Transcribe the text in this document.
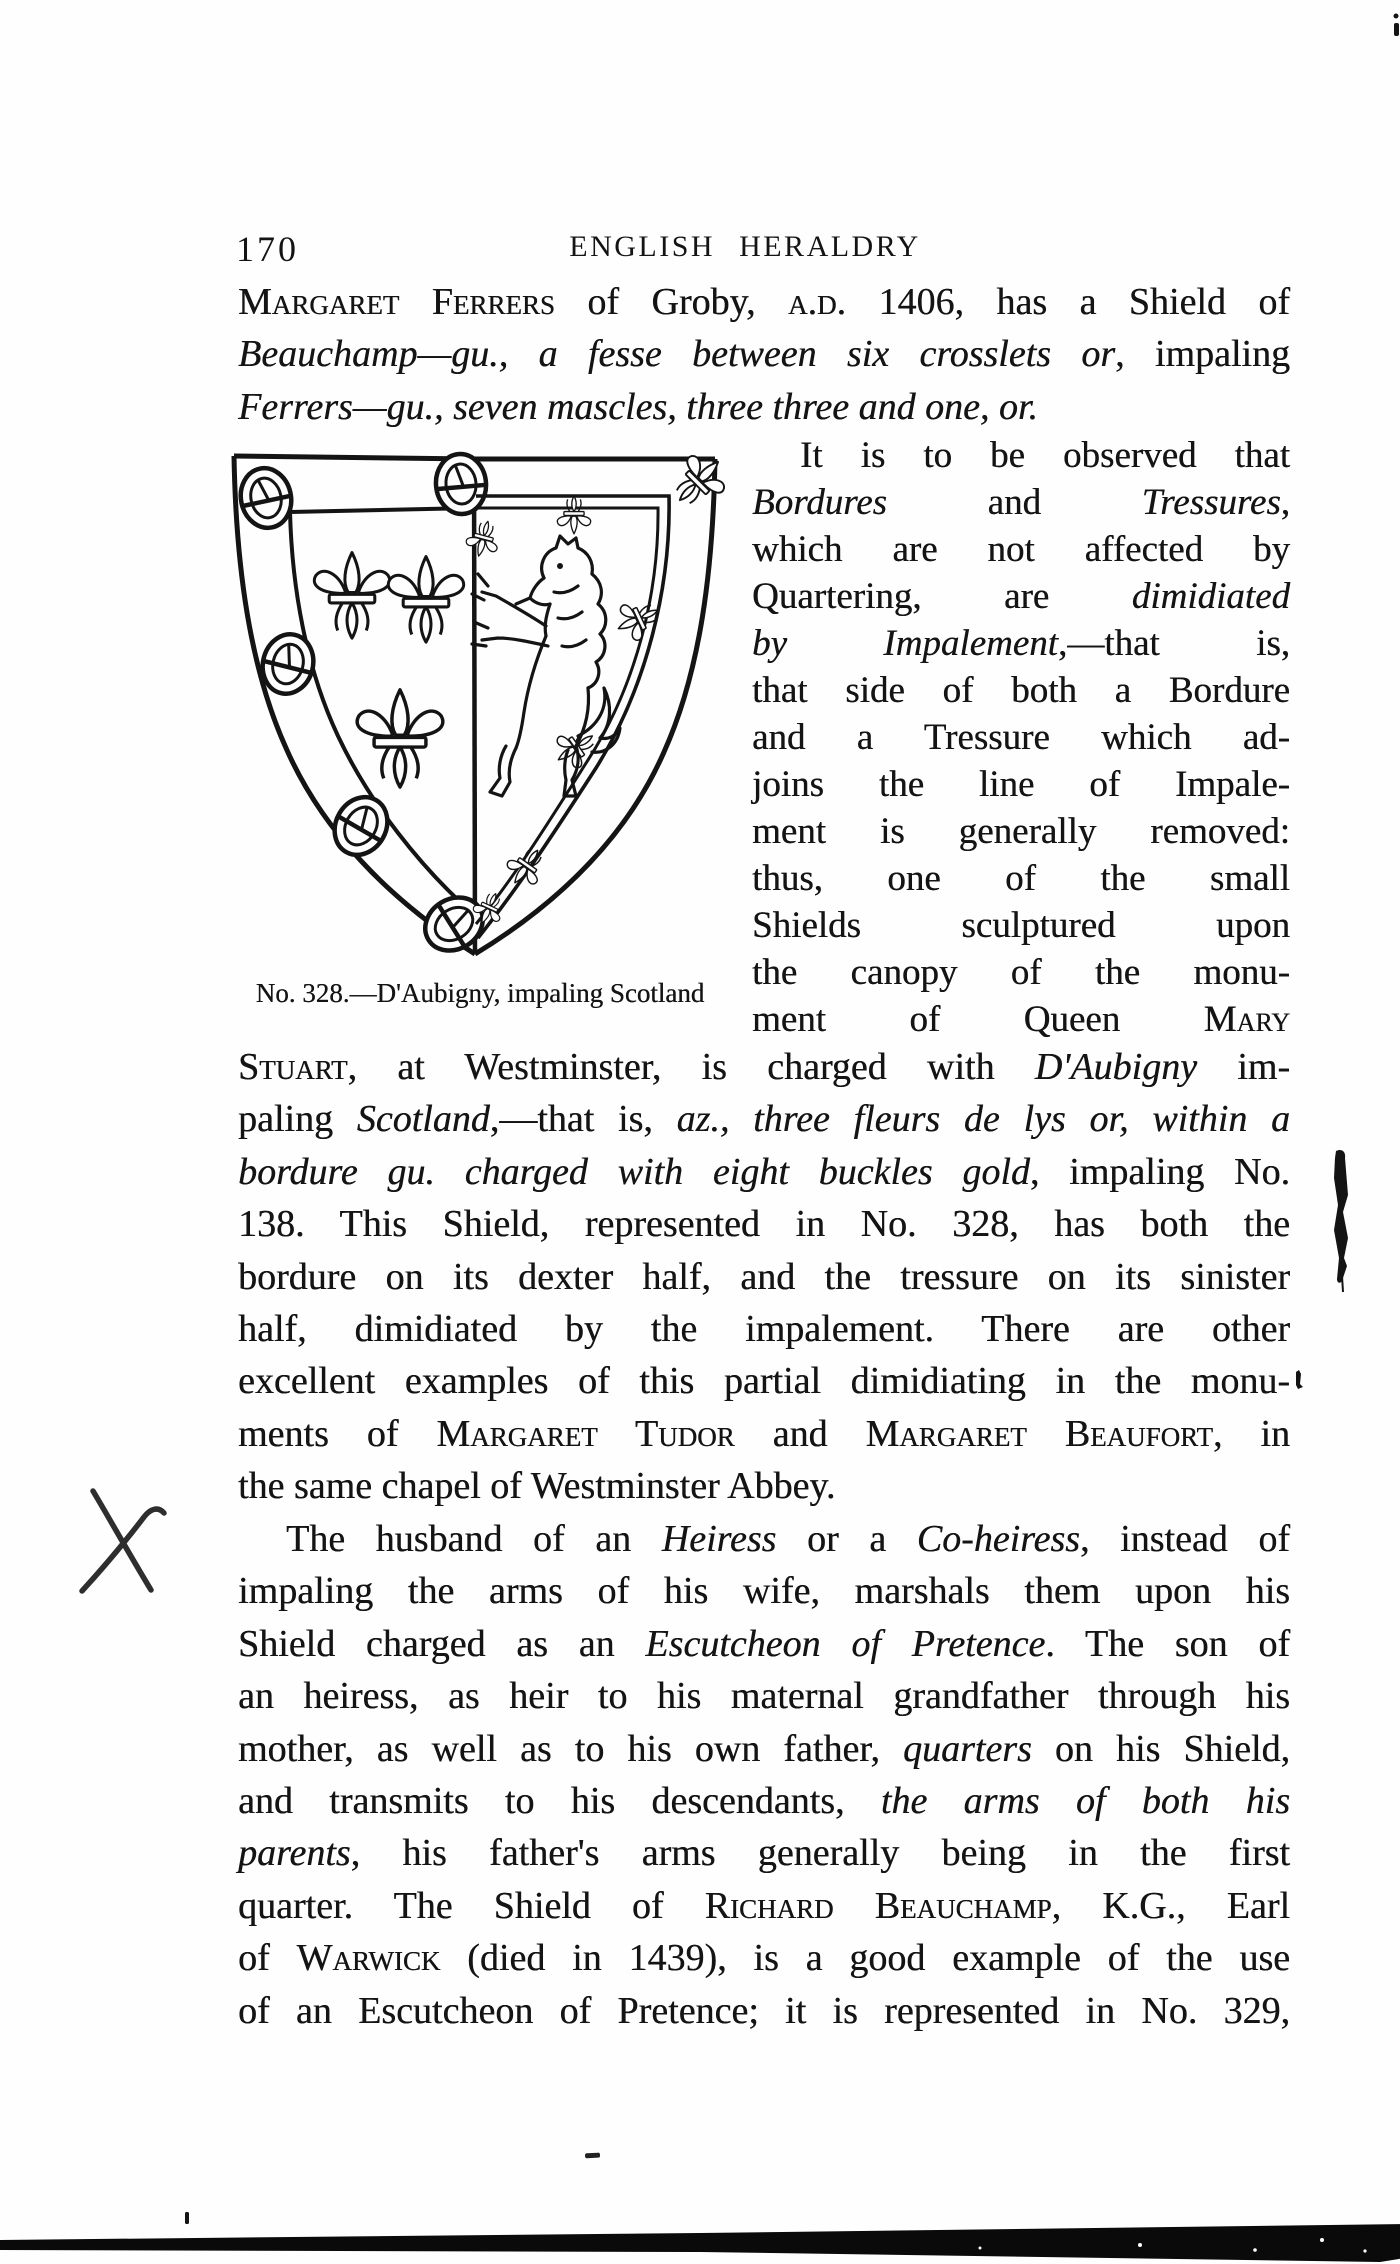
170	ENGLISH HERALDRY
Margaret Ferrers of Groby, a.d. 1406, has a Shield of
Beauchamp—gu., a fesse between six crosslets or, impaling
Ferrers—gu., seven mascles, three three and one, or.
No. 328.—D'Aubigny, impaling Scotland
It is to be observed that
Bordures and Tressures,
which are not affected by
Quartering, are dimidiated
by Impalement,—that is,
that side of both a Bordure
and a Tressure which ad-
joins the line of Impale-
ment is generally removed:
thus, one of the small
Shields sculptured upon
the canopy of the monu-
ment of Queen Mary
Stuart, at Westminster, is charged with D'Aubigny im-
paling Scotland,—that is, az., three fleurs de lys or, within a
bordure gu. charged with eight buckles gold, impaling No.
138. This Shield, represented in No. 328, has both the
bordure on its dexter half, and the tressure on its sinister
half, dimidiated by the impalement. There are other
excellent examples of this partial dimidiating in the monu-
ments of Margaret Tudor and Margaret Beaufort, in
the same chapel of Westminster Abbey.
The husband of an Heiress or a Co-heiress, instead of
impaling the arms of his wife, marshals them upon his
Shield charged as an Escutcheon of Pretence. The son of
an heiress, as heir to his maternal grandfather through his
mother, as well as to his own father, quarters on his Shield,
and transmits to his descendants, the arms of both his
parents, his father's arms generally being in the first
quarter. The Shield of Richard Beauchamp, K.G., Earl
of Warwick (died in 1439), is a good example of the use
of an Escutcheon of Pretence; it is represented in No. 329,
